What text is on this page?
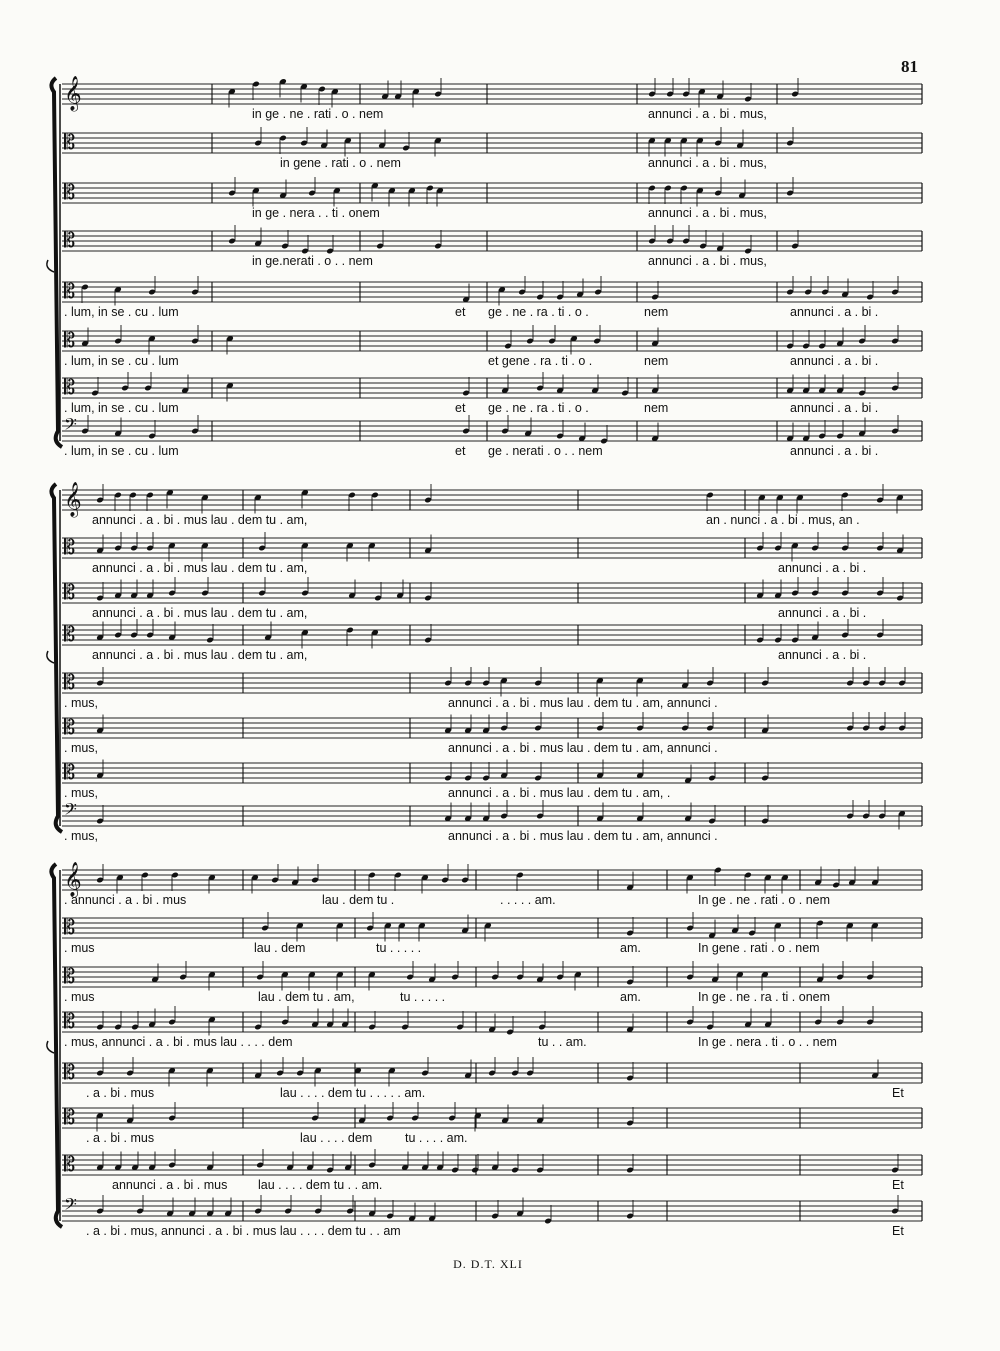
81
𝄞
in ge . ne . rati . o . nem	annunci . a . bi . mus,
𝄡
in gene . rati . o . nem	annunci . a . bi . mus,
𝄡
in ge . nera . . ti . onem	annunci . a . bi . mus,
𝄡
in ge.nerati . o . . nem	annunci . a . bi . mus,
𝄡
. lum, in se . cu . lum	et ge . ne . ra . ti . o .	nem	annunci . a . bi .
𝄡
. lum, in se . cu . lum	et gene . ra . ti . o .	nem	annunci . a . bi .
𝄡
. lum, in se . cu . lum	et ge . ne . ra . ti . o .	nem	annunci . a . bi .
𝄢
. lum, in se . cu . lum	et ge . nerati . o . . nem	annunci . a . bi .
𝄞
annunci . a . bi . mus lau . dem tu . am,	an . nunci . a . bi . mus, an .
𝄡
annunci . a . bi . mus lau . dem tu . am,	annunci . a . bi .
𝄡
annunci . a . bi . mus lau . dem tu . am,	annunci . a . bi .
𝄡
annunci . a . bi . mus lau . dem tu . am,	annunci . a . bi .
𝄡
. mus,	annunci . a . bi . mus lau . dem tu . am, annunci .
𝄡
. mus,	annunci . a . bi . mus lau . dem tu . am, annunci .
𝄡
. mus,	annunci . a . bi . mus lau . dem tu . am, .
𝄢
. mus,	annunci . a . bi . mus lau . dem tu . am, annunci .
𝄞
. annunci . a . bi . mus	lau . dem tu .	. . . . . am.	In ge . ne . rati . o . nem
𝄡
. mus	lau . dem	tu . . . . .	am.	In gene . rati . o . nem
𝄡
. mus	lau . dem tu . am,	tu . . . . .	am.	In ge . ne . ra . ti . onem
𝄡
. mus, annunci . a . bi . mus lau . . . . dem	tu . . am.	In ge . nera . ti . o . . nem
𝄡
. a . bi . mus	lau . . . . dem tu . . . . . am.	Et
𝄡
. a . bi . mus	lau . . . . dem	tu . . . . am.
𝄡
annunci . a . bi . mus lau . . . . dem tu . . am.	Et
𝄢
. a . bi . mus, annunci . a . bi . mus lau . . . . dem tu . . am	Et
D. D.T. XLI
